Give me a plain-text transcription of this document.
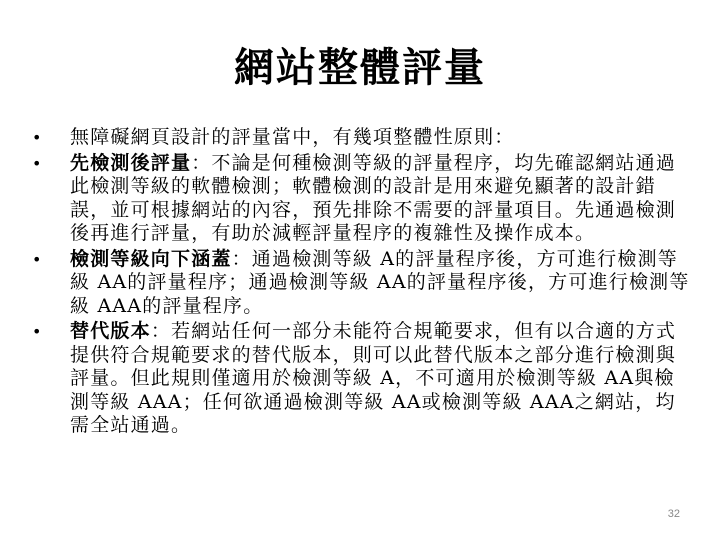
網站整體評量
• 無障礙網頁設計的評量當中，有幾項整體性原則：
• 先檢測後評量：不論是何種檢測等級的評量程序，均先確認網站通過此檢測等級的軟體檢測；軟體檢測的設計是用來避免顯著的設計錯誤，並可根據網站的內容，預先排除不需要的評量項目。先通過檢測後再進行評量，有助於減輕評量程序的複雜性及操作成本。
• 檢測等級向下涵蓋：通過檢測等級 A的評量程序後，方可進行檢測等級 AA的評量程序；通過檢測等級 AA的評量程序後，方可進行檢測等級 AAA的評量程序。
• 替代版本：若網站任何一部分未能符合規範要求，但有以合適的方式提供符合規範要求的替代版本，則可以此替代版本之部分進行檢測與評量。但此規則僅適用於檢測等級 A，不可適用於檢測等級 AA與檢測等級 AAA；任何欲通過檢測等級 AA或檢測等級 AAA之網站，均需全站通過。
32
